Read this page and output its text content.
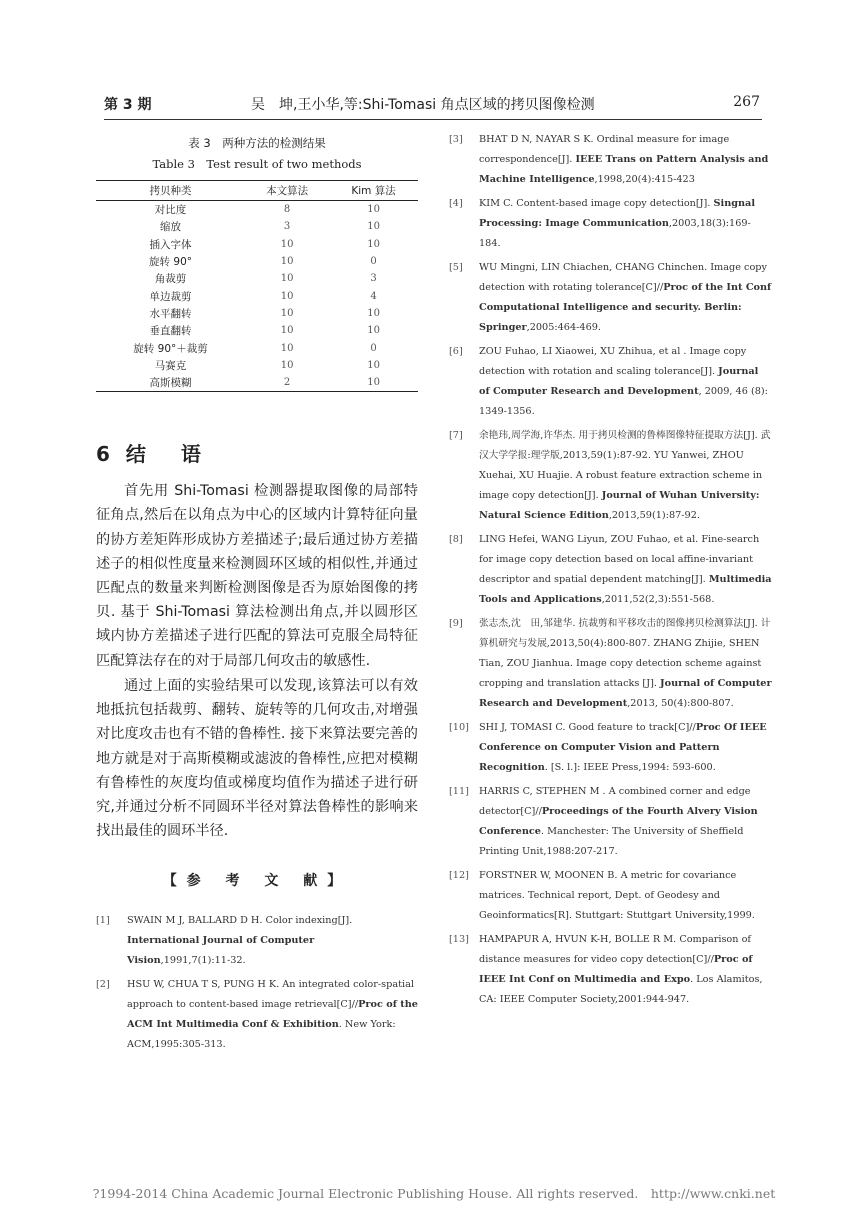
第 3 期	吴　坤,王小华,等:Shi-Tomasi 角点区域的拷贝图像检测	267
表 3　两种方法的检测结果
Table 3　Test result of two methods
拷贝种类	本文算法	Kim 算法
对比度	8	10
缩放	3	10
插入字体	10	10
旋转 90°	10	0
角裁剪	10	3
单边裁剪	10	4
水平翻转	10	10
垂直翻转	10	10
旋转 90°＋裁剪	10	0
马赛克	10	10
高斯模糊	2	10
6 结 语
首先用 Shi-Tomasi 检测器提取图像的局部特征角点,然后在以角点为中心的区域内计算特征向量的协方差矩阵形成协方差描述子;最后通过协方差描述子的相似性度量来检测圆环区域的相似性,并通过匹配点的数量来判断检测图像是否为原始图像的拷贝. 基于 Shi-Tomasi 算法检测出角点,并以圆形区域内协方差描述子进行匹配的算法可克服全局特征匹配算法存在的对于局部几何攻击的敏感性.
通过上面的实验结果可以发现,该算法可以有效地抵抗包括裁剪、翻转、旋转等的几何攻击,对增强对比度攻击也有不错的鲁棒性. 接下来算法要完善的地方就是对于高斯模糊或滤波的鲁棒性,应把对模糊有鲁棒性的灰度均值或梯度均值作为描述子进行研究,并通过分析不同圆环半径对算法鲁棒性的影响来找出最佳的圆环半径.
【参 考 文 献】
[1] SWAIN M J, BALLARD D H. Color indexing[J]. International Journal of Computer Vision,1991,7(1):11-32.
[2] HSU W, CHUA T S, PUNG H K. An integrated color-spatial approach to content-based image retrieval[C]//Proc of the ACM Int Multimedia Conf & Exhibition. New York: ACM,1995:305-313.
[3] BHAT D N, NAYAR S K. Ordinal measure for image correspondence[J]. IEEE Trans on Pattern Analysis and Machine Intelligence,1998,20(4):415-423
[4] KIM C. Content-based image copy detection[J]. Singnal Processing: Image Communication,2003,18(3):169-184.
[5] WU Mingni, LIN Chiachen, CHANG Chinchen. Image copy detection with rotating tolerance[C]//Proc of the Int Conf Computational Intelligence and security. Berlin: Springer,2005:464-469.
[6] ZOU Fuhao, LI Xiaowei, XU Zhihua, et al . Image copy detection with rotation and scaling tolerance[J]. Journal of Computer Research and Development, 2009, 46 (8): 1349-1356.
[7] 余艳玮,周学海,许华杰. 用于拷贝检测的鲁棒图像特征提取方法[J]. 武汉大学学报:理学版,2013,59(1):87-92. YU Yanwei, ZHOU Xuehai, XU Huajie. A robust feature extraction scheme in image copy detection[J]. Journal of Wuhan University: Natural Science Edition,2013,59(1):87-92.
[8] LING Hefei, WANG Liyun, ZOU Fuhao, et al. Fine-search for image copy detection based on local affine-invariant descriptor and spatial dependent matching[J]. Multimedia Tools and Applications,2011,52(2,3):551-568.
[9] 张志杰,沈　田,邹建华. 抗裁剪和平移攻击的图像拷贝检测算法[J]. 计算机研究与发展,2013,50(4):800-807. ZHANG Zhijie, SHEN Tian, ZOU Jianhua. Image copy detection scheme against cropping and translation attacks [J]. Journal of Computer Research and Development,2013, 50(4):800-807.
[10] SHI J, TOMASI C. Good feature to track[C]//Proc Of IEEE Conference on Computer Vision and Pattern Recognition. [S. l.]: IEEE Press,1994: 593-600.
[11] HARRIS C, STEPHEN M . A combined corner and edge detector[C]//Proceedings of the Fourth Alvery Vision Conference. Manchester: The University of Sheffield Printing Unit,1988:207-217.
[12] FORSTNER W, MOONEN B. A metric for covariance matrices. Technical report, Dept. of Geodesy and Geoinformatics[R]. Stuttgart: Stuttgart University,1999.
[13] HAMPAPUR A, HVUN K-H, BOLLE R M. Comparison of distance measures for video copy detection[C]//Proc of IEEE Int Conf on Multimedia and Expo. Los Alamitos, CA: IEEE Computer Society,2001:944-947.
?1994-2014 China Academic Journal Electronic Publishing House. All rights reserved.　http://www.cnki.net
